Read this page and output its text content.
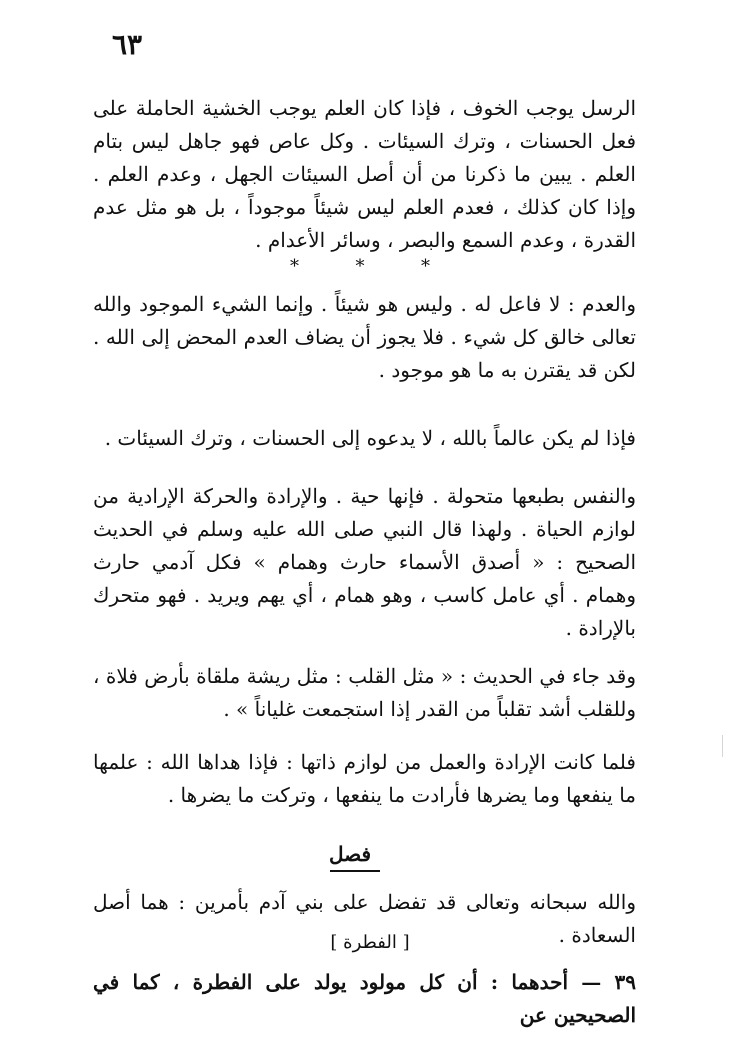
٦٣
الرسل يوجب الخوف ، فإذا كان العلم يوجب الخشية الحاملة على فعل الحسنات ، وترك السيئات . وكل عاص فهو جاهل ليس بتام العلم . يبين ما ذكرنا من أن أصل السيئات الجهل ، وعدم العلم . وإذا كان كذلك ، فعدم العلم ليس شيئاً موجوداً ، بل هو مثل عدم القدرة ، وعدم السمع والبصر ، وسائر الأعدام .
*	*	*
والعدم : لا فاعل له . وليس هو شيئاً . وإنما الشيء الموجود والله تعالى خالق كل شيء . فلا يجوز أن يضاف العدم المحض إلى الله . لكن قد يقترن به ما هو موجود .
فإذا لم يكن عالماً بالله ، لا يدعوه إلى الحسنات ، وترك السيئات .
والنفس بطبعها متحولة . فإنها حية . والإرادة والحركة الإرادية من لوازم الحياة . ولهذا قال النبي صلى الله عليه وسلم في الحديث الصحيح : « أصدق الأسماء حارث وهمام » فكل آدمي حارث وهمام . أي عامل كاسب ، وهو همام ، أي يهم ويريد . فهو متحرك بالإرادة .
وقد جاء في الحديث : « مثل القلب : مثل ريشة ملقاة بأرض فلاة ، وللقلب أشد تقلباً من القدر إذا استجمعت غلياناً » .
فلما كانت الإرادة والعمل من لوازم ذاتها : فإذا هداها الله : علمها ما ينفعها وما يضرها فأرادت ما ينفعها ، وتركت ما يضرها .
فصل
والله سبحانه وتعالى قد تفضل على بني آدم بأمرين : هما أصل السعادة .
[ الفطرة ]
٣٩ — أحدهما : أن كل مولود يولد على الفطرة ، كما في الصحيحين عن
